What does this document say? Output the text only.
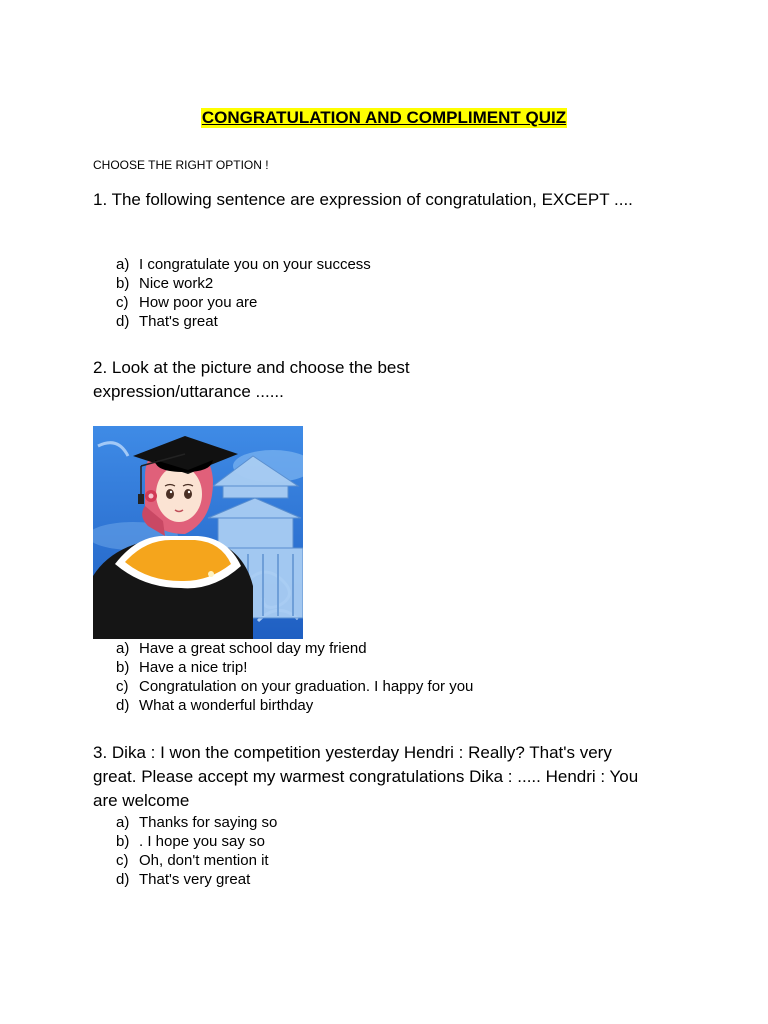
CONGRATULATION AND COMPLIMENT QUIZ
CHOOSE THE RIGHT OPTION !
1. The following sentence are expression of congratulation, EXCEPT ....
a) I congratulate you on your success
b) Nice work2
c) How poor you are
d) That's great
2. Look at the picture and choose the best expression/uttarance ......
a) Have a great school day my friend
b) Have a nice trip!
c) Congratulation on your graduation. I happy for you
d) What a wonderful birthday
3. Dika : I won the competition yesterday Hendri : Really? That's very great. Please accept my warmest congratulations Dika : ..... Hendri : You are welcome
a) Thanks for saying so
b) . I hope you say so
c) Oh, don't mention it
d) That's very great
